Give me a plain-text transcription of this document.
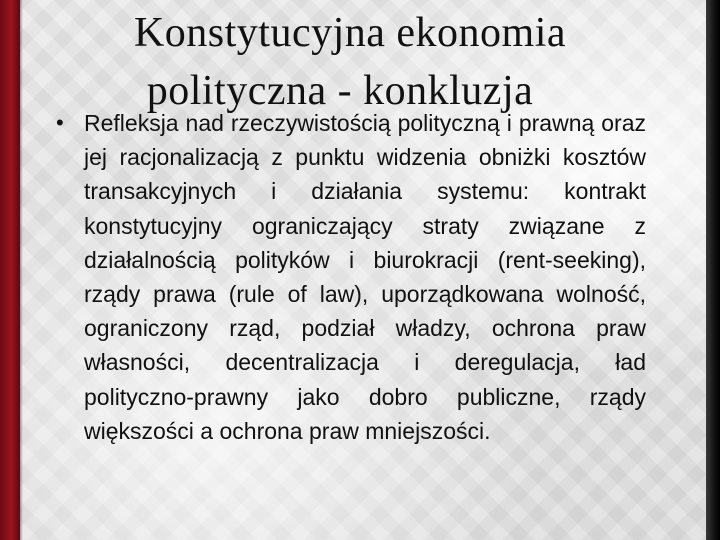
Konstytucyjna ekonomia
polityczna - konkluzja
• Refleksja nad rzeczywistością polityczną i prawną oraz jej racjonalizacją z punktu widzenia obniżki kosztów transakcyjnych i działania systemu: kontrakt konstytucyjny ograniczający straty związane z działalnością polityków i biurokracji (rent-seeking), rządy prawa (rule of law), uporządkowana wolność, ograniczony rząd, podział władzy, ochrona praw własności, decentralizacja i deregulacja, ład polityczno-prawny jako dobro publiczne, rządy większości a ochrona praw mniejszości.
